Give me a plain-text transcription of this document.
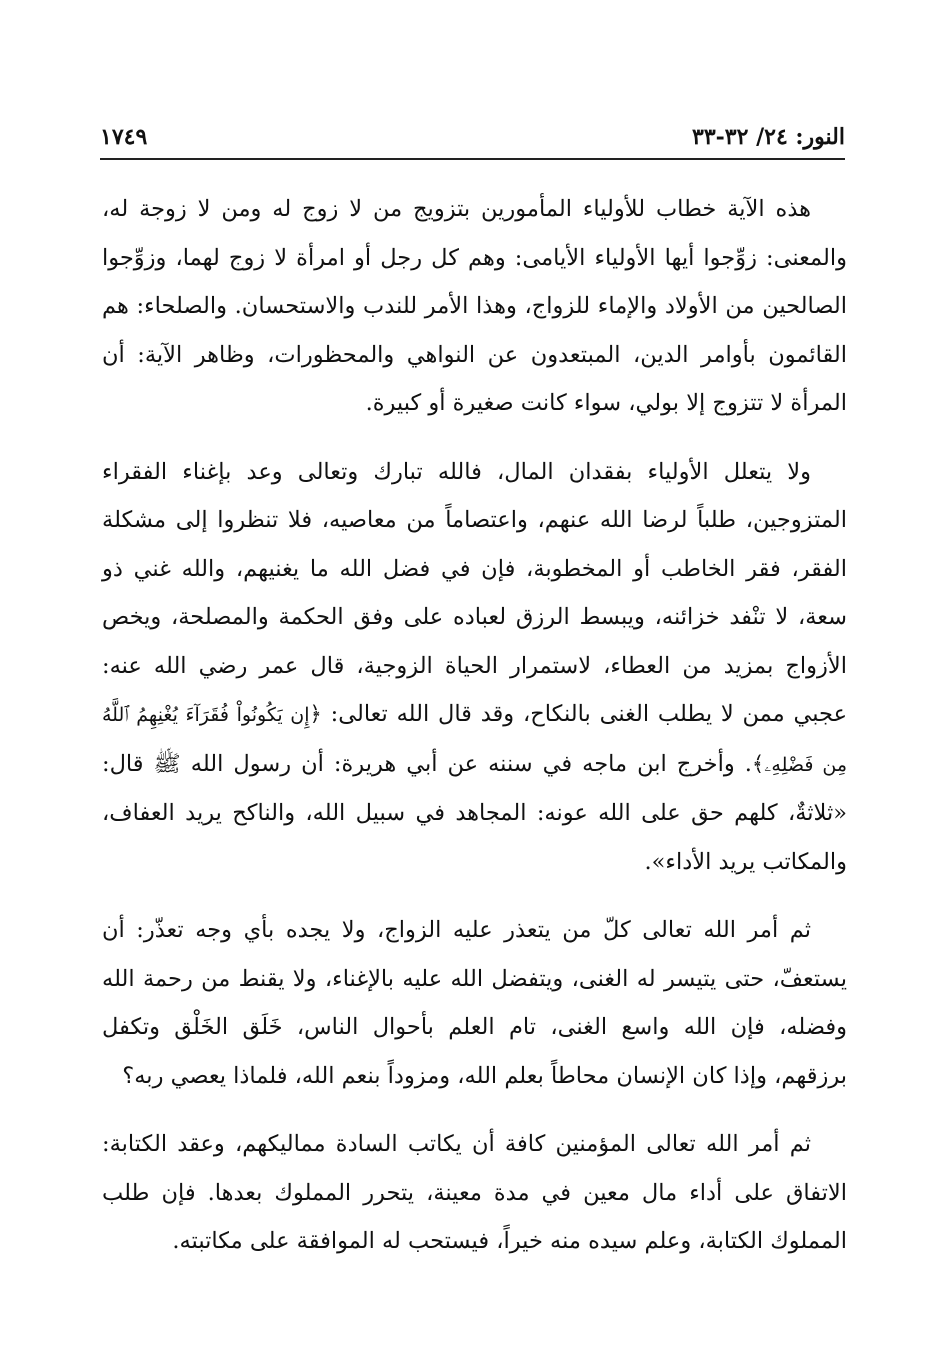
النور: ٢٤/ ٣٢-٣٣
١٧٤٩

هذه الآية خطاب للأولياء المأمورين بتزويج من لا زوج له ومن لا زوجة له، والمعنى: زوِّجوا أيها الأولياء الأيامى: وهم كل رجل أو امرأة لا زوج لهما، وزوِّجوا الصالحين من الأولاد والإماء للزواج، وهذا الأمر للندب والاستحسان. والصلحاء: هم القائمون بأوامر الدين، المبتعدون عن النواهي والمحظورات، وظاهر الآية: أن المرأة لا تتزوج إلا بولي، سواء كانت صغيرة أو كبيرة.

ولا يتعلل الأولياء بفقدان المال، فالله تبارك وتعالى وعد بإغناء الفقراء المتزوجين، طلباً لرضا الله عنهم، واعتصاماً من معاصيه، فلا تنظروا إلى مشكلة الفقر، فقر الخاطب أو المخطوبة، فإن في فضل الله ما يغنيهم، والله غني ذو سعة، لا تنْفد خزائنه، ويبسط الرزق لعباده على وفق الحكمة والمصلحة، ويخص الأزواج بمزيد من العطاء، لاستمرار الحياة الزوجية، قال عمر رضي الله عنه: عجبي ممن لا يطلب الغنى بالنكاح، وقد قال الله تعالى: ﴿إِن يَكُونُواْ فُقَرَآءَ يُغْنِهِمُ ٱللَّهُ مِن فَضْلِهِۦ﴾. وأخرج ابن ماجه في سننه عن أبي هريرة: أن رسول الله ﷺ قال: «ثلاثةٌ، كلهم حق على الله عونه: المجاهد في سبيل الله، والناكح يريد العفاف، والمكاتب يريد الأداء».

ثم أمر الله تعالى كلّ من يتعذر عليه الزواج، ولا يجده بأي وجه تعذّر: أن يستعفّ، حتى يتيسر له الغنى، ويتفضل الله عليه بالإغناء، ولا يقنط من رحمة الله وفضله، فإن الله واسع الغنى، تام العلم بأحوال الناس، خَلَق الخَلْق وتكفل برزقهم، وإذا كان الإنسان محاطاً بعلم الله، ومزوداً بنعم الله، فلماذا يعصي ربه؟

ثم أمر الله تعالى المؤمنين كافة أن يكاتب السادة مماليكهم، وعقد الكتابة: الاتفاق على أداء مال معين في مدة معينة، يتحرر المملوك بعدها. فإن طلب المملوك الكتابة، وعلم سيده منه خيراً، فيستحب له الموافقة على مكاتبته.
